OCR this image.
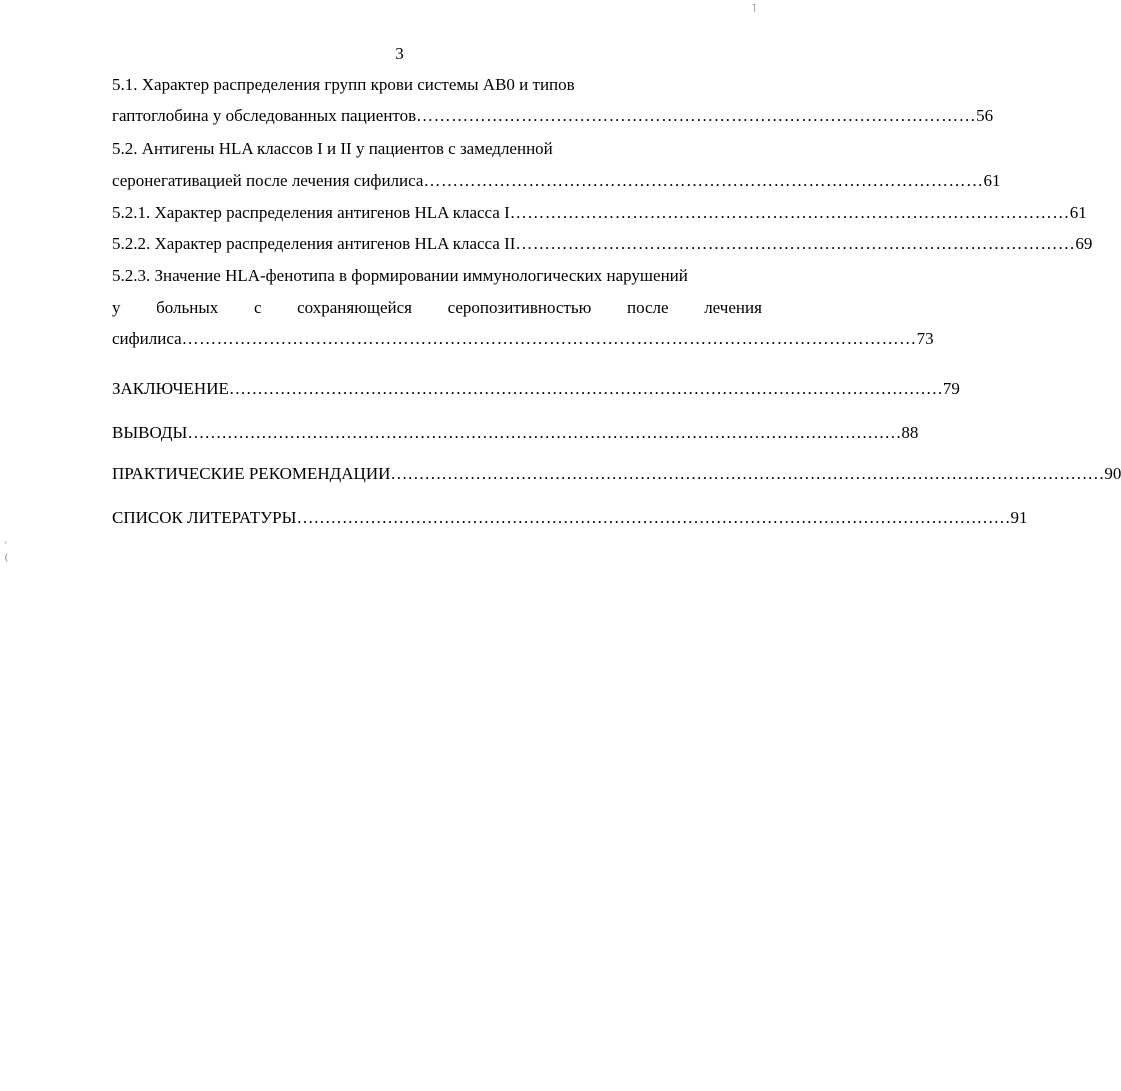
˥
'
(
3
5.1. Характер распределения групп крови системы АВ0 и типов
гаптоглобина у обследованных пациентов …………………………………………………………………………………… 56
5.2. Антигены HLA классов I и II у пациентов с замедленной
серонегативацией после лечения сифилиса …………………………………………………………………………………… 61
5.2.1. Характер распределения антигенов HLA класса I …………………………………………………………………………………… 61
5.2.2. Характер распределения антигенов HLA класса II …………………………………………………………………………………… 69
5.2.3. Значение HLA-фенотипа в формировании иммунологических нарушений
у больных с сохраняющейся серопозитивностью после лечения
сифилиса ……………………………………………………………………………………………………………… 73
ЗАКЛЮЧЕНИЕ ……………………………………………………………………………………………………………… 79
ВЫВОДЫ ……………………………………………………………………………………………………………… 88
ПРАКТИЧЕСКИЕ РЕКОМЕНДАЦИИ ……………………………………………………………………………………………………………… 90
СПИСОК ЛИТЕРАТУРЫ ……………………………………………………………………………………………………………… 91
